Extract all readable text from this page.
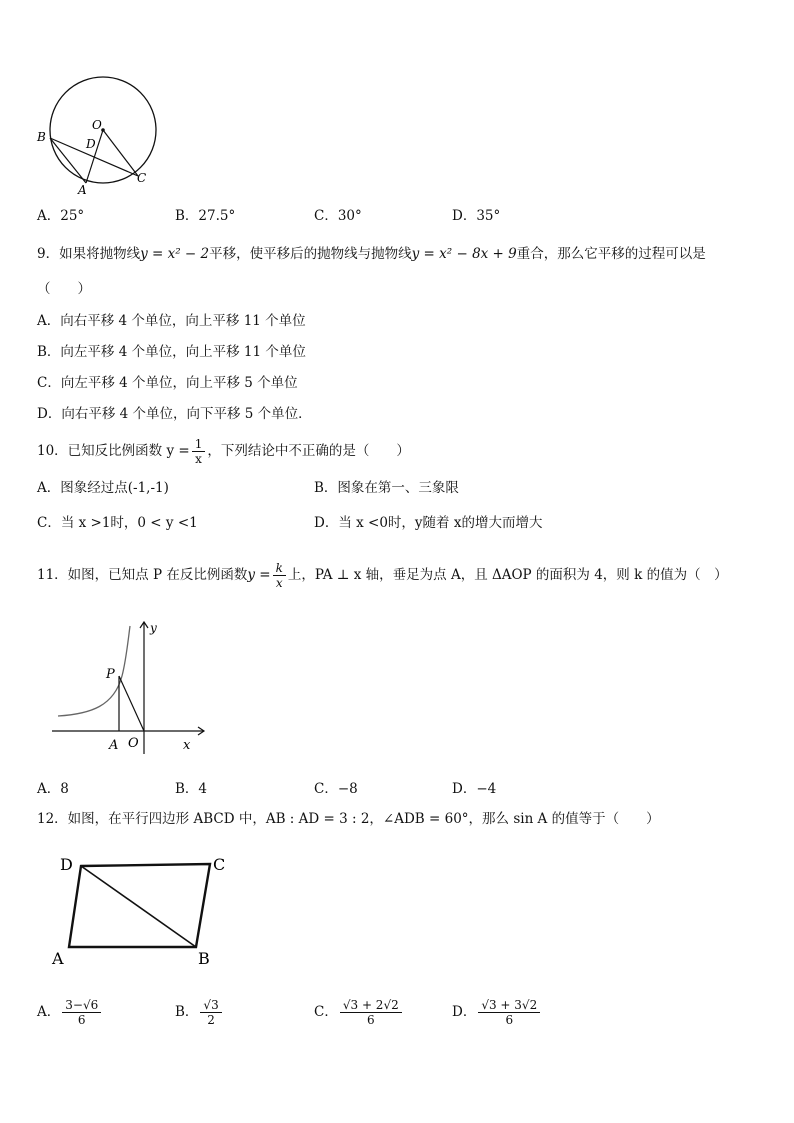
O
B	D
A
C
A．25°	B．27.5°	C．30°	D．35°
9．如果将抛物线y = x² − 2平移，使平移后的抛物线与抛物线y = x² − 8x + 9重合，那么它平移的过程可以是
（　　）
A．向右平移 4 个单位，向上平移 11 个单位
B．向左平移 4 个单位，向上平移 11 个单位
C．向左平移 4 个单位，向上平移 5 个单位
D．向右平移 4 个单位，向下平移 5 个单位．
10．已知反比例函数 $y = \frac{1}{x}$ ，下列结论中不正确的是（　　）
A．图象经过点(-1,-1)	B．图象在第一、三象限
C．当 x >1时，0 < y <1	D．当 x <0时，y随着 x的增大而增大
11．如图，已知点 P 在反比例函数$y = \frac{k}{x}$ 上，PA ⊥ x 轴，垂足为点 A，且 ΔAOP 的面积为 4，则 k 的值为（　）
y
P
A O	x
A．8	B．4	C．−8	D．−4
12．如图，在平行四边形 ABCD 中，AB : AD = 3 : 2，∠ADB = 60°，那么 sin A 的值等于（　　）
D	C
A	B
A． $\frac{3-√6}{6}$	B． $\frac{√3}{2}$	C． $\frac{√3 + 2√2}{6}$	D． $\frac{√3 + 3√2}{6}$
